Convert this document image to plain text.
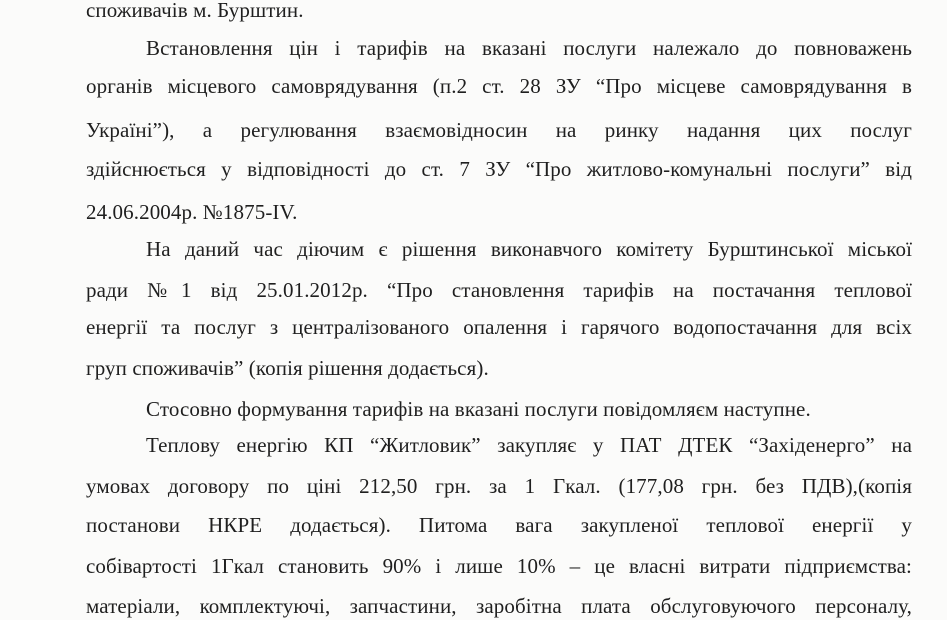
споживачів м. Бурштин.
Встановлення цін і тарифів на вказані послуги належало до повноважень
органів місцевого самоврядування (п.2 ст. 28 ЗУ “Про місцеве самоврядування в
Україні”), а регулювання взаємовідносин на ринку надання цих послуг
здійснюється у відповідності до ст. 7 ЗУ “Про житлово-комунальні послуги” від
24.06.2004р. №1875-IV.
На даний час діючим є рішення виконавчого комітету Бурштинської міської
ради №1 від 25.01.2012р. “Про становлення тарифів на постачання теплової
енергії та послуг з централізованого опалення і гарячого водопостачання для всіх
груп споживачів” (копія рішення додається).
Стосовно формування тарифів на вказані послуги повідомляєм наступне.
Теплову енергію КП “Житловик” закупляє у ПАТ ДТЕК “Західенерго” на
умовах договору по ціні 212,50 грн. за 1 Гкал. (177,08 грн. без ПДВ),(копія
постанови НКРЕ додається). Питома вага закупленої теплової енергії у
собівартості 1Гкал становить 90% і лише 10% – це власні витрати підприємства:
матеріали, комплектуючі, запчастини, заробітна плата обслуговуючого персоналу,
